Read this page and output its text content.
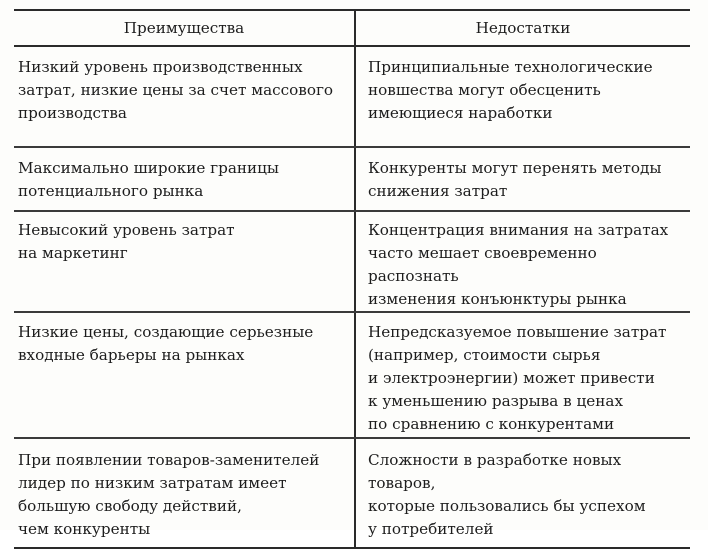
Преимущества	Недостатки

Низкий уровень производственных
затрат, низкие цены за счет массового
производства	Принципиальные технологические
новшества могут обесценить
имеющиеся наработки

Максимально широкие границы
потенциального рынка	Конкуренты могут перенять методы
снижения затрат

Невысокий уровень затрат
на маркетинг	Концентрация внимания на затратах
часто мешает своевременно распознать
изменения конъюнктуры рынка

Низкие цены, создающие серьезные
входные барьеры на рынках	Непредсказуемое повышение затрат
(например, стоимости сырья
и электроэнергии) может привести
к уменьшению разрыва в ценах
по сравнению с конкурентами

При появлении товаров-заменителей
лидер по низким затратам имеет
большую свободу действий,
чем конкуренты	Сложности в разработке новых товаров,
которые пользовались бы успехом
у потребителей
